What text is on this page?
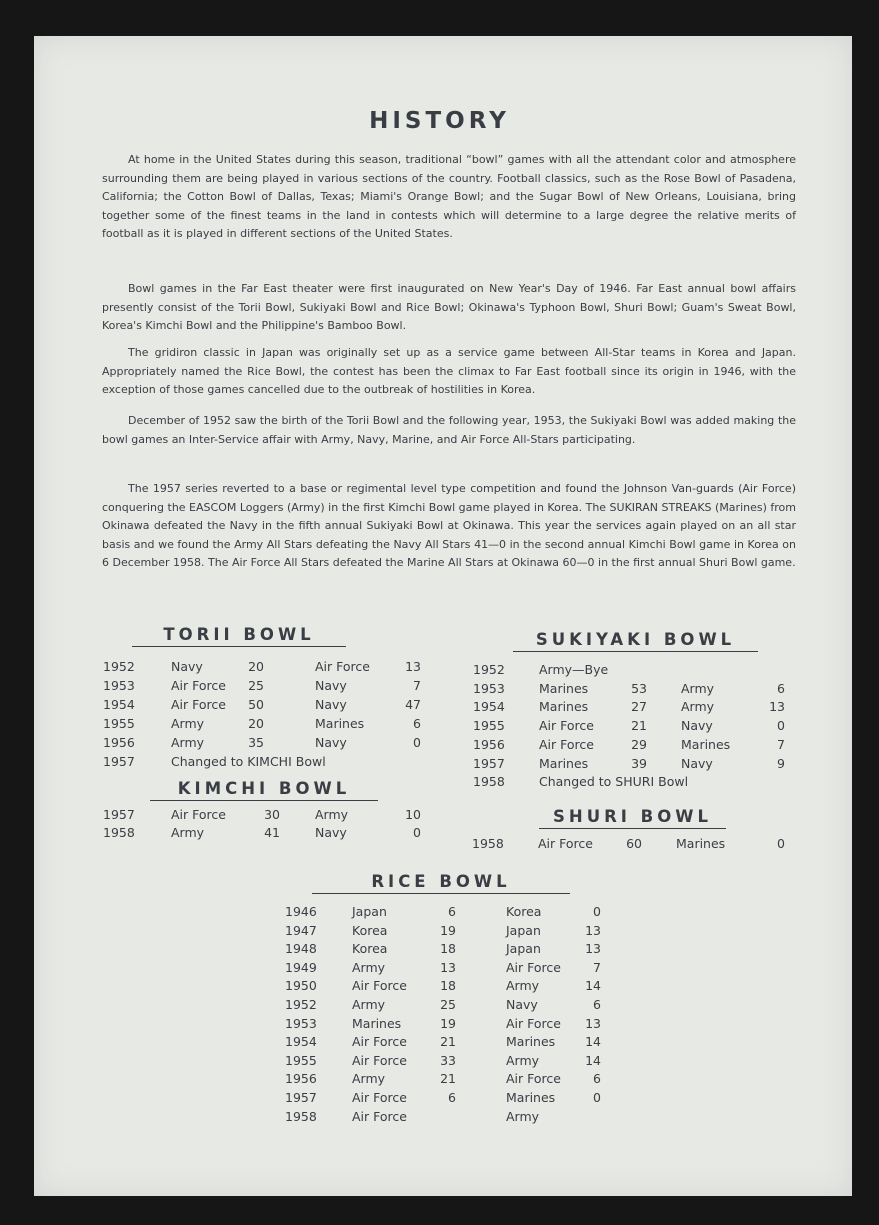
HISTORY

At home in the United States during this season, traditional “bowl” games with all the attendant color and atmosphere surrounding them are being played in various sections of the country. Football classics, such as the Rose Bowl of Pasadena, California; the Cotton Bowl of Dallas, Texas; Miami's Orange Bowl; and the Sugar Bowl of New Orleans, Louisiana, bring together some of the finest teams in the land in contests which will determine to a large degree the relative merits of football as it is played in different sections of the United States.

Bowl games in the Far East theater were first inaugurated on New Year's Day of 1946. Far East annual bowl affairs presently consist of the Torii Bowl, Sukiyaki Bowl and Rice Bowl; Okinawa's Typhoon Bowl, Shuri Bowl; Guam's Sweat Bowl, Korea's Kimchi Bowl and the Philippine's Bamboo Bowl.

The gridiron classic in Japan was originally set up as a service game between All-Star teams in Korea and Japan. Appropriately named the Rice Bowl, the contest has been the climax to Far East football since its origin in 1946, with the exception of those games cancelled due to the outbreak of hostilities in Korea.

December of 1952 saw the birth of the Torii Bowl and the following year, 1953, the Sukiyaki Bowl was added making the bowl games an Inter-Service affair with Army, Navy, Marine, and Air Force All-Stars participating.

The 1957 series reverted to a base or regimental level type competition and found the Johnson Van-guards (Air Force) conquering the EASCOM Loggers (Army) in the first Kimchi Bowl game played in Korea. The SUKIRAN STREAKS (Marines) from Okinawa defeated the Navy in the fifth annual Sukiyaki Bowl at Okinawa. This year the services again played on an all star basis and we found the Army All Stars defeating the Navy All Stars 41—0 in the second annual Kimchi Bowl game in Korea on 6 December 1958. The Air Force All Stars defeated the Marine All Stars at Okinawa 60—0 in the first annual Shuri Bowl game.

TORII BOWL
1952	Navy	20	Air Force	13
1953	Air Force 25	Navy	7
1954	Air Force 50	Navy	47
1955	Army	20	Marines	6
1956	Army	35	Navy	0
1957	Changed to KIMCHI Bowl
KIMCHI BOWL
1957	Air Force	30	Army	10
1958	Army	41	Navy	0
SUKIYAKI BOWL
1952	Army—Bye
1953	Marines	53	Army	6
1954	Marines	27	Army	13
1955	Air Force	21	Navy	0
1956	Air Force	29	Marines	7
1957	Marines	39	Navy	9
1958	Changed to SHURI Bowl
SHURI BOWL
1958	Air Force	60	Marines	0
RICE BOWL
1946	Japan	6	Korea	0
1947	Korea	19	Japan	13
1948	Korea	18	Japan	13
1949	Army	13	Air Force	7
1950	Air Force	18	Army	14
1952	Army	25	Navy	6
1953	Marines	19	Air Force 13
1954	Air Force	21	Marines 14
1955	Air Force	33	Army	14
1956	Army	21	Air Force	6
1957	Air Force	6	Marines	0
1958	Air Force	Army
